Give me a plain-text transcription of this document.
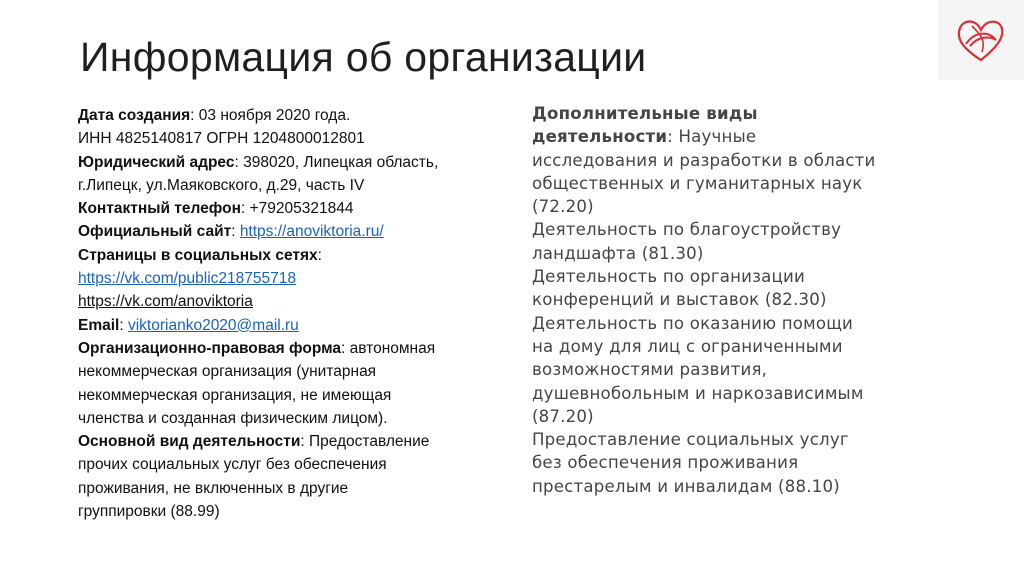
Информация об организации

Дата создания: 03 ноября 2020 года.

ИНН 4825140817 ОГРН 1204800012801

Юридический адрес: 398020, Липецкая область,

г.Липецк, ул.Маяковского, д.29, часть IV

Контактный телефон: +79205321844

Официальный сайт: https://anoviktoria.ru/

Страницы в социальных сетях:

https://vk.com/public218755718

https://vk.com/anoviktoria

Email: viktorianko2020@mail.ru

Организационно-правовая форма: автономная

некоммерческая организация (унитарная

некоммерческая организация, не имеющая

членства и созданная физическим лицом).

Основной вид деятельности: Предоставление

прочих социальных услуг без обеспечения

проживания, не включенных в другие

группировки (88.99)

Дополнительные виды

деятельности: Научные

исследования и разработки в области

общественных и гуманитарных наук

(72.20)

Деятельность по благоустройству

ландшафта (81.30)

Деятельность по организации

конференций и выставок (82.30)

Деятельность по оказанию помощи

на дому для лиц с ограниченными

возможностями развития,

душевнобольным и наркозависимым

(87.20)

Предоставление социальных услуг

без обеспечения проживания

престарелым и инвалидам (88.10)
